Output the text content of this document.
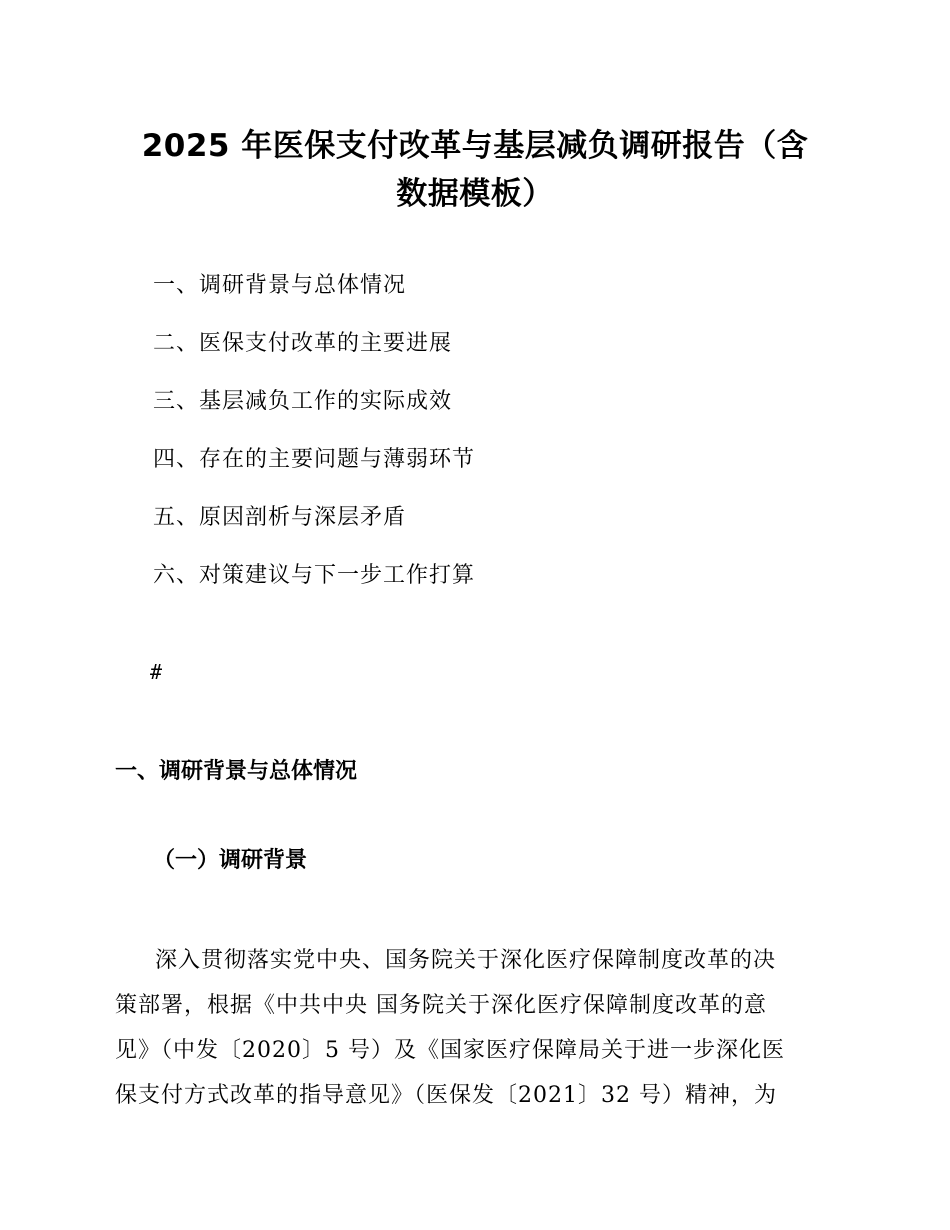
2025 年医保支付改革与基层减负调研报告（含
数据模板）
一、调研背景与总体情况
二、医保支付改革的主要进展
三、基层减负工作的实际成效
四、存在的主要问题与薄弱环节
五、原因剖析与深层矛盾
六、对策建议与下一步工作打算
#
一、调研背景与总体情况
（一）调研背景

深入贯彻落实党中央、国务院关于深化医疗保障制度改革的决
策部署，根据《中共中央 国务院关于深化医疗保障制度改革的意
见》（中发〔2020〕5 号）及《国家医疗保障局关于进一步深化医
保支付方式改革的指导意见》（医保发〔2021〕32 号）精神，为
